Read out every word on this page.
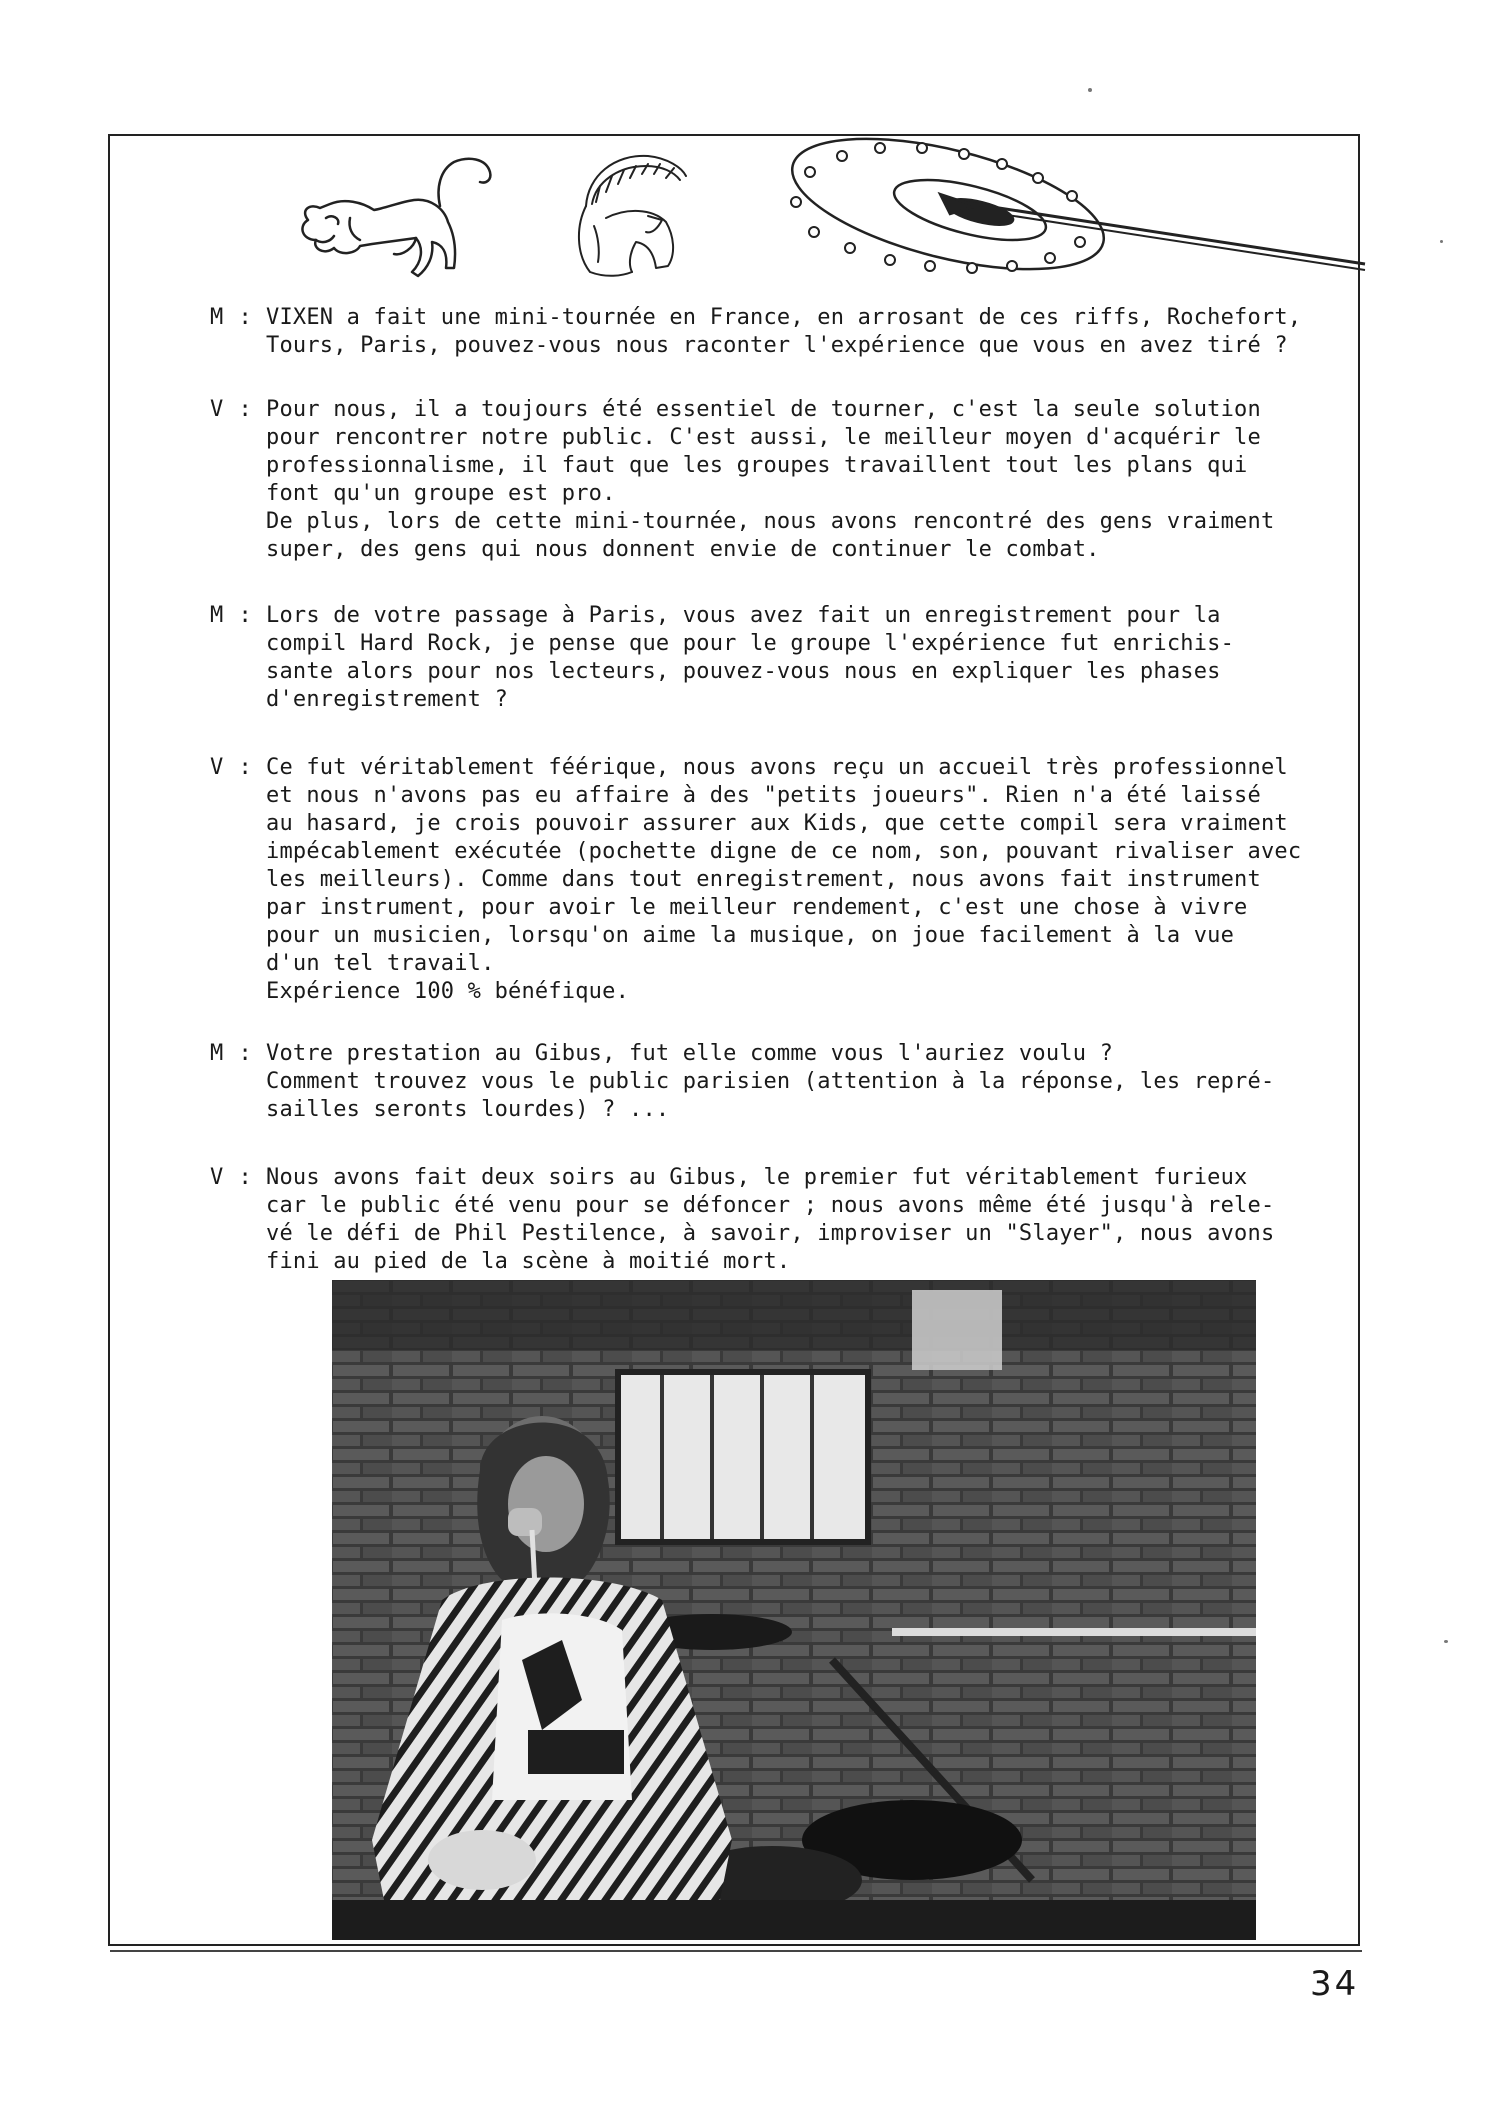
M : VIXEN a fait une mini-tournée en France, en arrosant de ces riffs, Rochefort,
Tours, Paris, pouvez-vous nous raconter l'expérience que vous en avez tiré ?
V : Pour nous, il a toujours été essentiel de tourner, c'est la seule solution
pour rencontrer notre public. C'est aussi, le meilleur moyen d'acquérir le
professionnalisme, il faut que les groupes travaillent tout les plans qui
font qu'un groupe est pro.
De plus, lors de cette mini-tournée, nous avons rencontré des gens vraiment
super, des gens qui nous donnent envie de continuer le combat.
M : Lors de votre passage à Paris, vous avez fait un enregistrement pour la
compil Hard Rock, je pense que pour le groupe l'expérience fut enrichis-
sante alors pour nos lecteurs, pouvez-vous nous en expliquer les phases
d'enregistrement ?
V : Ce fut véritablement féérique, nous avons reçu un accueil très professionnel
et nous n'avons pas eu affaire à des "petits joueurs". Rien n'a été laissé
au hasard, je crois pouvoir assurer aux Kids, que cette compil sera vraiment
impécablement exécutée (pochette digne de ce nom, son, pouvant rivaliser avec
les meilleurs). Comme dans tout enregistrement, nous avons fait instrument
par instrument, pour avoir le meilleur rendement, c'est une chose à vivre
pour un musicien, lorsqu'on aime la musique, on joue facilement à la vue
d'un tel travail.
Expérience 100 % bénéfique.
M : Votre prestation au Gibus, fut elle comme vous l'auriez voulu ?
Comment trouvez vous le public parisien (attention à la réponse, les repré-
sailles seronts lourdes) ? ...
V : Nous avons fait deux soirs au Gibus, le premier fut véritablement furieux
car le public été venu pour se défoncer ; nous avons même été jusqu'à rele-
vé le défi de Phil Pestilence, à savoir, improviser un "Slayer", nous avons
fini au pied de la scène à moitié mort.
34
